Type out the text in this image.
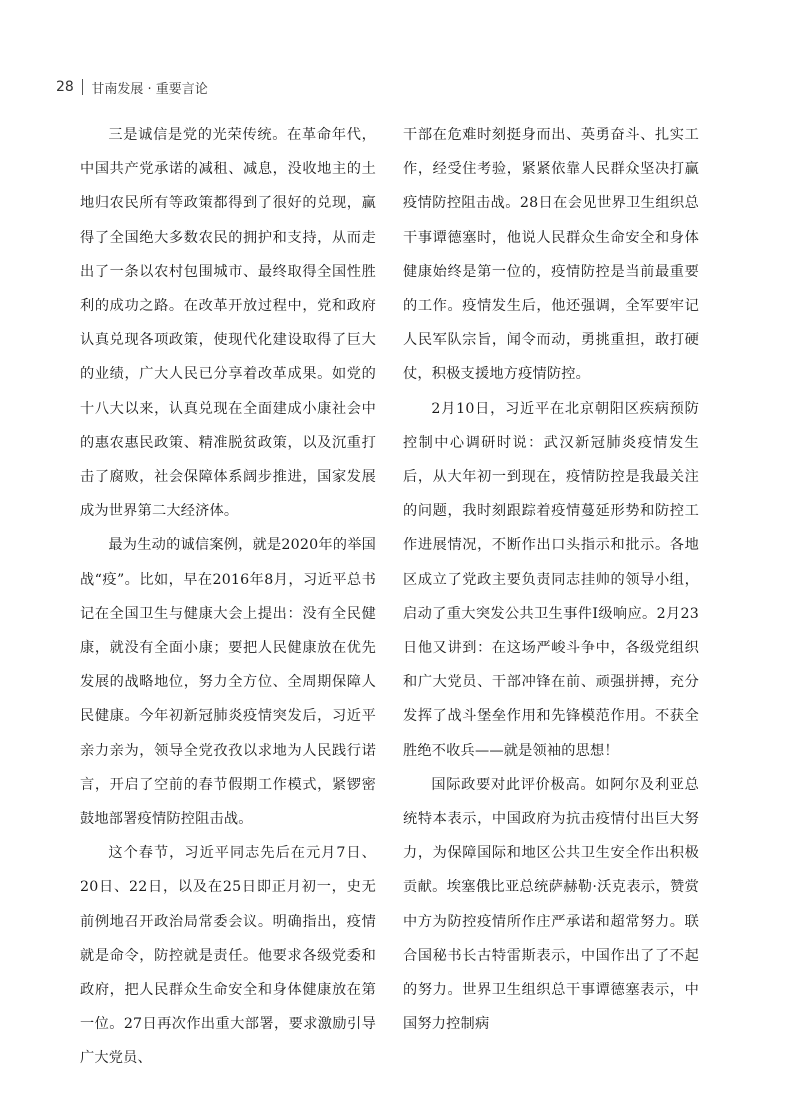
28 甘南发展 · 重要言论

三是诚信是党的光荣传统。在革命年代，中国共产党承诺的减租、减息，没收地主的土地归农民所有等政策都得到了很好的兑现，赢得了全国绝大多数农民的拥护和支持，从而走出了一条以农村包围城市、最终取得全国性胜利的成功之路。在改革开放过程中，党和政府认真兑现各项政策，使现代化建设取得了巨大的业绩，广大人民已分享着改革成果。如党的十八大以来，认真兑现在全面建成小康社会中的惠农惠民政策、精准脱贫政策，以及沉重打击了腐败，社会保障体系阔步推进，国家发展成为世界第二大经济体。

最为生动的诚信案例，就是2020年的举国战“疫”。比如，早在2016年8月，习近平总书记在全国卫生与健康大会上提出：没有全民健康，就没有全面小康；要把人民健康放在优先发展的战略地位，努力全方位、全周期保障人民健康。今年初新冠肺炎疫情突发后，习近平亲力亲为，领导全党孜孜以求地为人民践行诺言，开启了空前的春节假期工作模式，紧锣密鼓地部署疫情防控阻击战。

这个春节，习近平同志先后在元月7日、20日、22日，以及在25日即正月初一，史无前例地召开政治局常委会议。明确指出，疫情就是命令，防控就是责任。他要求各级党委和政府，把人民群众生命安全和身体健康放在第一位。27日再次作出重大部署，要求激励引导广大党员、

干部在危难时刻挺身而出、英勇奋斗、扎实工作，经受住考验，紧紧依靠人民群众坚决打赢疫情防控阻击战。28日在会见世界卫生组织总干事谭德塞时，他说人民群众生命安全和身体健康始终是第一位的，疫情防控是当前最重要的工作。疫情发生后，他还强调，全军要牢记人民军队宗旨，闻令而动，勇挑重担，敢打硬仗，积极支援地方疫情防控。

2月10日，习近平在北京朝阳区疾病预防控制中心调研时说：武汉新冠肺炎疫情发生后，从大年初一到现在，疫情防控是我最关注的问题，我时刻跟踪着疫情蔓延形势和防控工作进展情况，不断作出口头指示和批示。各地区成立了党政主要负责同志挂帅的领导小组，启动了重大突发公共卫生事件I级响应。2月23日他又讲到：在这场严峻斗争中，各级党组织和广大党员、干部冲锋在前、顽强拼搏，充分发挥了战斗堡垒作用和先锋模范作用。不获全胜绝不收兵——就是领袖的思想！

国际政要对此评价极高。如阿尔及利亚总统特本表示，中国政府为抗击疫情付出巨大努力，为保障国际和地区公共卫生安全作出积极贡献。埃塞俄比亚总统萨赫勒·沃克表示，赞赏中方为防控疫情所作庄严承诺和超常努力。联合国秘书长古特雷斯表示，中国作出了了不起的努力。世界卫生组织总干事谭德塞表示，中国努力控制病
